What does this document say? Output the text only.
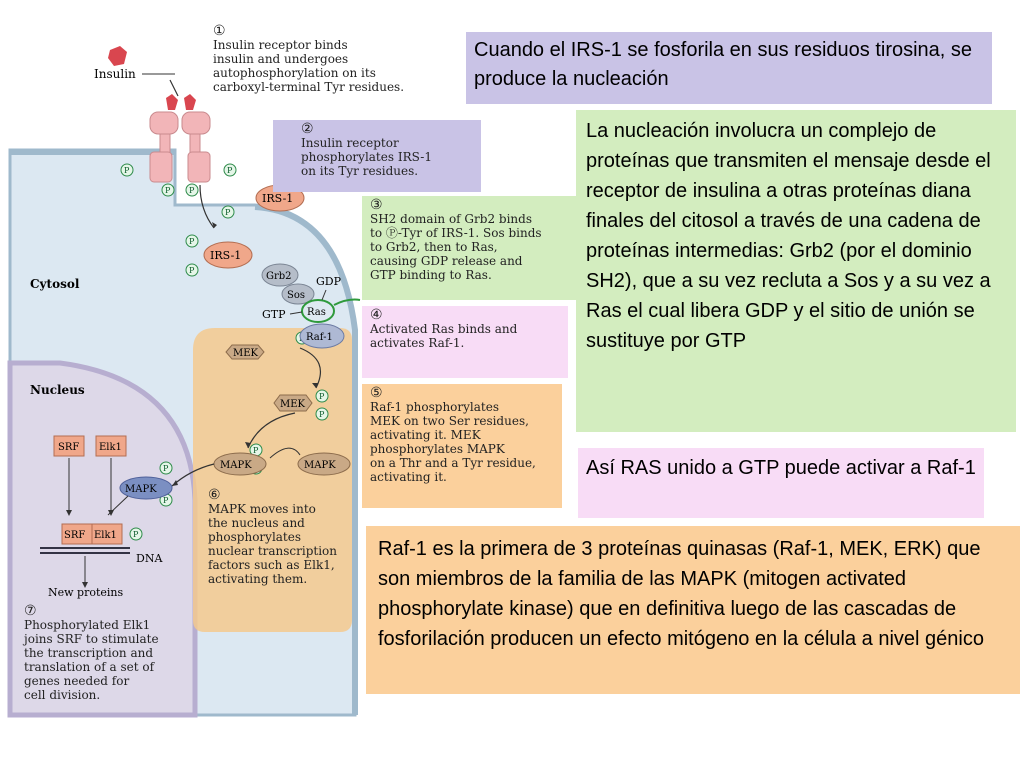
Insulin
P
P P
P
P
P
P
P
P
P
P
P
P
IRS-1
IRS-1
Grb2
Sos
Ras
GDP
GTP
Raf-1
MEK
MEK
MAPK	MAPK
MAPK
SRF Elk1
SRF Elk1
DNA
New proteins
Cytosol
Nucleus
①
Insulin receptor binds
insulin and undergoes
autophosphorylation on its
carboxyl-terminal Tyr residues.
②
Insulin receptor
phosphorylates IRS-1
on its Tyr residues.
③
SH2 domain of Grb2 binds
to Ⓟ-Tyr of IRS-1. Sos binds
to Grb2, then to Ras,
causing GDP release and
GTP binding to Ras.
④
Activated Ras binds and
activates Raf-1.
⑤
Raf-1 phosphorylates
MEK on two Ser residues,
activating it. MEK
phosphorylates MAPK
on a Thr and a Tyr residue,
activating it.
⑥
MAPK moves into
the nucleus and
phosphorylates
nuclear transcription
factors such as Elk1,
activating them.
⑦
Phosphorylated Elk1
joins SRF to stimulate
the transcription and
translation of a set of
genes needed for
cell division.
Cuando el IRS-1 se fosforila en sus residuos tirosina, se produce la nucleación
La nucleación involucra un complejo de proteínas que transmiten el mensaje desde el receptor de insulina a otras proteínas diana finales del citosol a través de una cadena de proteínas intermedias: Grb2 (por el dominio SH2), que a su vez recluta a Sos y a su vez a Ras el cual libera GDP y el sitio de unión se sustituye por GTP
Así RAS unido a GTP puede activar a Raf-1
Raf-1 es la primera de 3 proteínas quinasas (Raf-1, MEK, ERK) que son miembros de la familia de las MAPK (mitogen activated phosphorylate kinase) que en definitiva luego de las cascadas de fosforilación producen un efecto mitógeno en la célula a nivel génico
